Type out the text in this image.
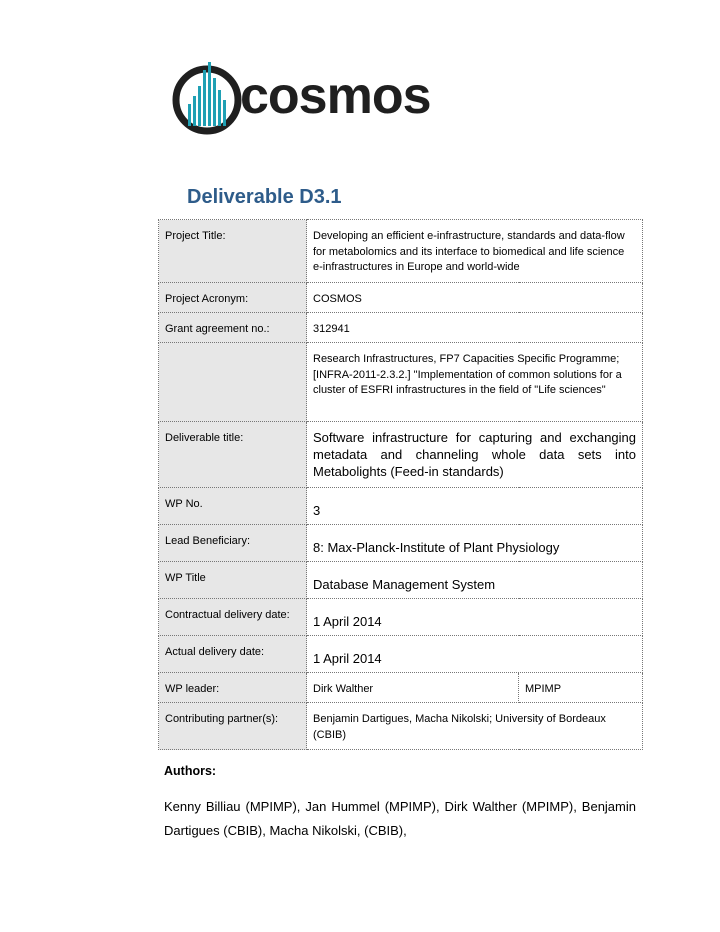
cosmos
Deliverable D3.1
Project Title:	Developing an efficient e-infrastructure, standards and data-flow for metabolomics and its interface to biomedical and life science e-infrastructures in Europe and world-wide	
Project Acronym:	COSMOS	
Grant agreement no.:	312941	
	Research Infrastructures, FP7 Capacities Specific Programme; [INFRA-2011-2.3.2.] "Implementation of common solutions for a cluster of ESFRI infrastructures in the field of "Life sciences"	
Deliverable title:	Software infrastructure for capturing and exchanging metadata and channeling whole data sets into Metabolights (Feed-in standards)	
WP No.	3	
Lead Beneficiary:	8: Max-Planck-Institute of Plant Physiology	
WP Title	Database Management System	
Contractual delivery date:	1 April 2014	
Actual delivery date:	1 April 2014	
WP leader:	Dirk Walther	MPIMP
Contributing partner(s):	Benjamin Dartigues, Macha Nikolski; University of Bordeaux (CBIB)	
Authors:
Kenny Billiau (MPIMP), Jan Hummel (MPIMP), Dirk Walther (MPIMP), Benjamin Dartigues (CBIB), Macha Nikolski, (CBIB),
